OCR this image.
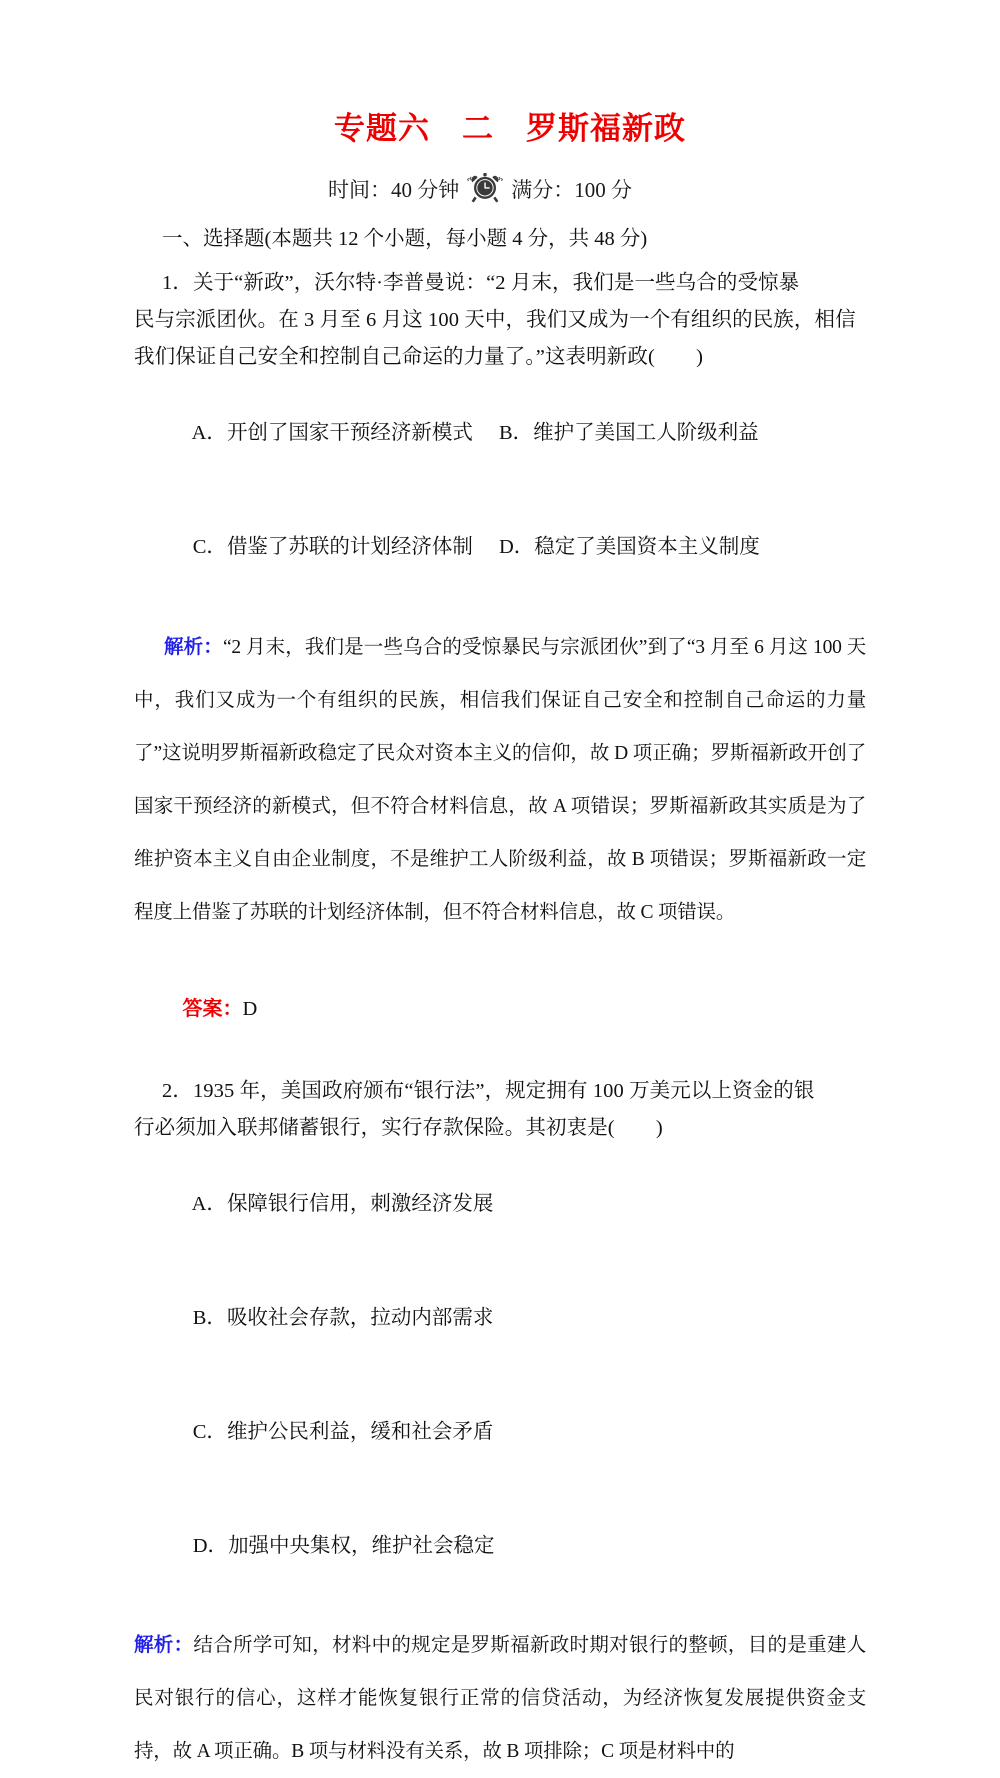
专题六　二　罗斯福新政
时间：40 分钟 满分：100 分
一、选择题(本题共 12 个小题，每小题 4 分，共 48 分)
1．关于“新政”，沃尔特·李普曼说：“2 月末，我们是一些乌合的受惊暴
民与宗派团伙。在 3 月至 6 月这 100 天中，我们又成为一个有组织的民族，相信
我们保证自己安全和控制自己命运的力量了。”这表明新政(　　)

A．开创了国家干预经济新模式 B．维护了美国工人阶级利益

C．借鉴了苏联的计划经济体制 D．稳定了美国资本主义制度

解析：“2 月末，我们是一些乌合的受惊暴民与宗派团伙”到了“3 月至 6 月这 100 天中，我们又成为一个有组织的民族，相信我们保证自己安全和控制自己命运的力量了”这说明罗斯福新政稳定了民众对资本主义的信仰，故 D 项正确；罗斯福新政开创了国家干预经济的新模式，但不符合材料信息，故 A 项错误；罗斯福新政其实质是为了维护资本主义自由企业制度，不是维护工人阶级利益，故 B 项错误；罗斯福新政一定程度上借鉴了苏联的计划经济体制，但不符合材料信息，故 C 项错误。

答案：D

2．1935 年，美国政府颁布“银行法”，规定拥有 100 万美元以上资金的银
行必须加入联邦储蓄银行，实行存款保险。其初衷是(　　)

A．保障银行信用，刺激经济发展

B．吸收社会存款，拉动内部需求

C．维护公民利益，缓和社会矛盾

D．加强中央集权，维护社会稳定

解析：结合所学可知，材料中的规定是罗斯福新政时期对银行的整顿，目的是重建人民对银行的信心，这样才能恢复银行正常的信贷活动，为经济恢复发展提供资金支持，故 A 项正确。B 项与材料没有关系，故 B 项排除；C 项是材料中的
